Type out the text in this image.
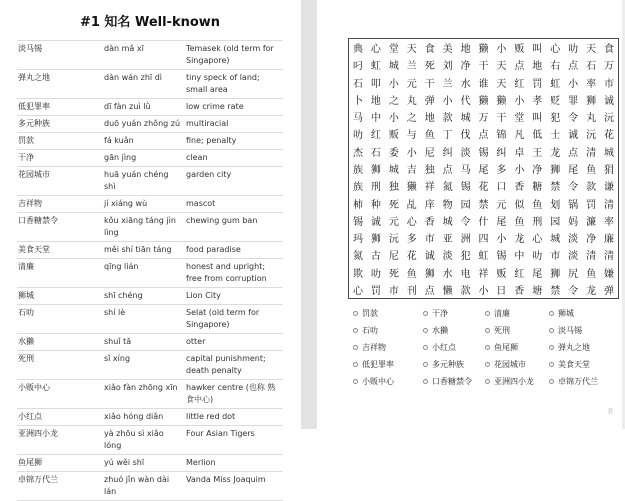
#1 知名 Well-known
淡马锡	dàn mǎ xī	Temasek (old term for Singapore)
弹丸之地	dàn wán zhī dì	tiny speck of land; small area
低犯罪率	dī fàn zuì lǜ	low crime rate
多元种族	duō yuán zhǒng zú	multiracial
罚款	fá kuǎn	fine; penalty
干净	gān jìng	clean
花园城市	huā yuán chéng shì	garden city
吉祥物	jí xiáng wù	mascot
口香糖禁令	kǒu xiāng táng jìn lìng	chewing gum ban
美食天堂	měi shí tiān táng	food paradise
清廉	qīng lián	honest and upright; free from corruption
狮城	shī chéng	Lion City
石叻	shí lè	Selat (old term for Singapore)
水獭	shuǐ tǎ	otter
死刑	sǐ xíng	capital punishment; death penalty
小贩中心	xiǎo fàn zhōng xīn	hawker centre (也称 熟食中心)
小红点	xiǎo hóng diǎn	little red dot
亚洲四小龙	yà zhōu sì xiǎo lóng	Four Asian Tigers
鱼尾狮	yú wěi shī	Merlion
卓锦万代兰	zhuó jǐn wàn dài lán	Vanda Miss Joaquim
典 心 堂 天 食 美 地 獭 小 贩 叫 心 叻 天 食
叼 虹 城 兰 死 刘 净 干 天 点 地 右 点 石 万
石 叩 小 元 干 兰 水 谁 天 红 罚 虹 小 率 市
卜 地 之 丸 弹 小 代 獭 獭 小 孝 贬 罪 狮 诚
马 中 小 之 地 款 城 万 干 堂 叫 犯 令 丸 沅
叻 红 贩 与 鱼 丁 伐 点 锦 凡 低 士 诚 沅 花
杰 石 委 小 尼 纠 淡 锡 纠 卓 王 龙 点 清 城
族 狮 城 吉 独 点 马 尾 多 小 净 狮 尾 鱼 狷
族 刑 独 獭 祥 氮 锡 花 口 香 糖 禁 令 款 谦
柿 种 死 乩 庠 物 园 禁 元 似 鱼 划 锅 罚 清
锡 诚 元 心 香 城 令 什 尾 鱼 刑 园 妈 濂 率
玛 狮 沅 多 市 亚 洲 四 小 龙 心 城 淡 净 廉
氮 古 尼 花 诚 淡 犯 虹 锡 中 叻 市 淡 清 清
欺 叻 死 鱼 狮 水 电 祥 贩 红 尾 狮 尻 鱼 嫌
心 罚 市 刊 点 懒 款 小 日 香 塘 禁 令 龙 弹
罚款	干净	清廉	狮城
石叻	水獭	死刑	淡马锡
吉祥物	小红点	鱼尾狮	弹丸之地
低犯罪率	多元种族	花园城市	美食天堂
小贩中心	口香糖禁令	亚洲四小龙	卓锦万代兰
8
